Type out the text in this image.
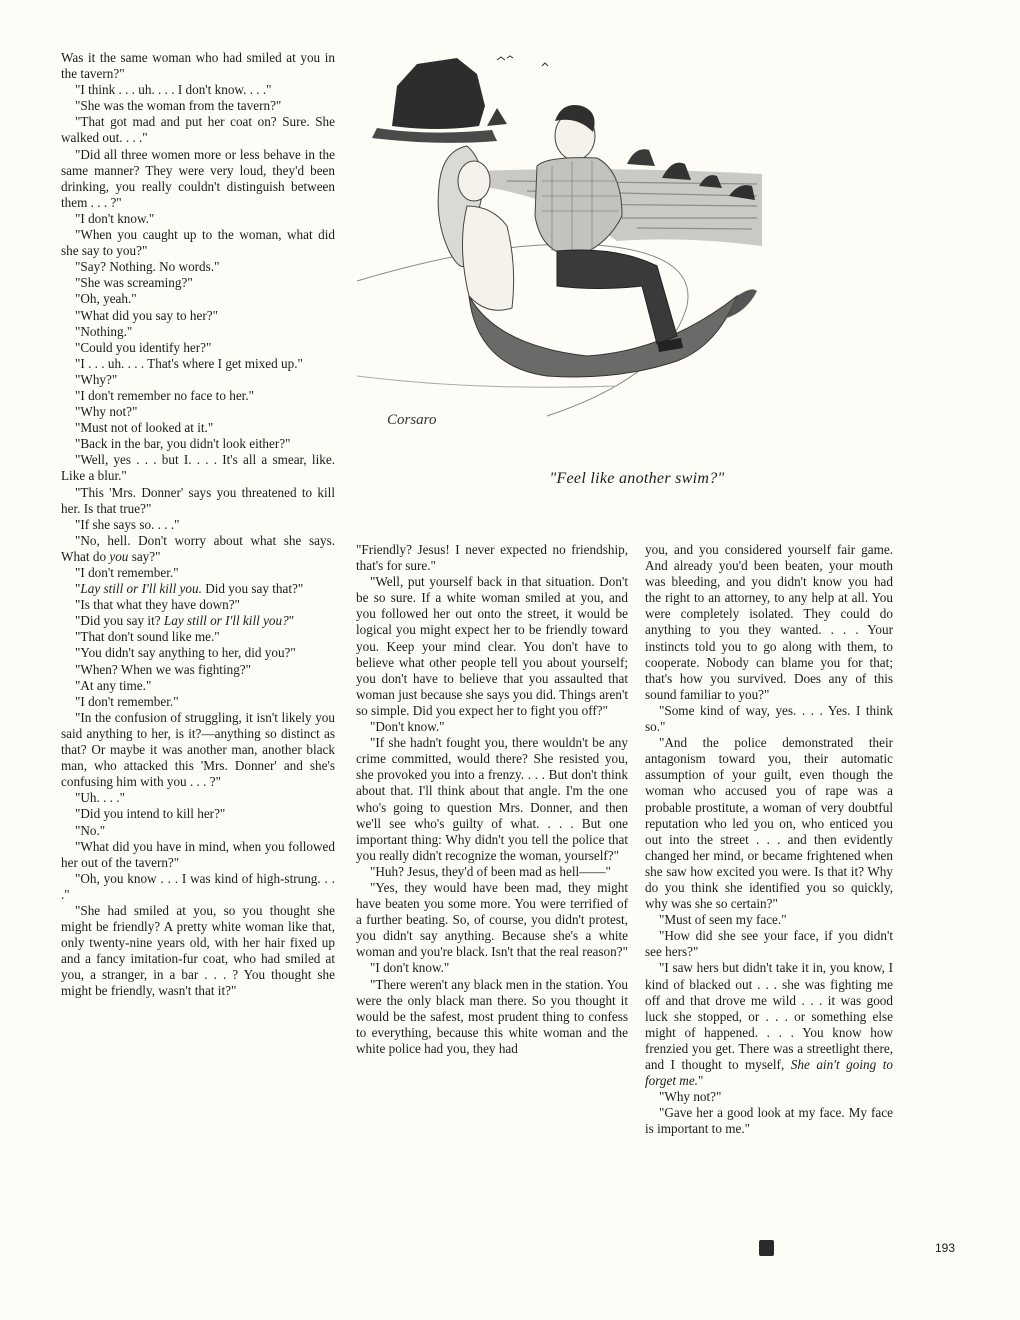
Was it the same woman who had smiled at you in the tavern?"

"I think . . . uh. . . . I don't know. . . ."

"She was the woman from the tavern?"

"That got mad and put her coat on? Sure. She walked out. . . ."

"Did all three women more or less behave in the same manner? They were very loud, they'd been drinking, you really couldn't distinguish between them . . . ?"

"I don't know."

"When you caught up to the woman, what did she say to you?"

"Say? Nothing. No words."

"She was screaming?"

"Oh, yeah."

"What did you say to her?"

"Nothing."

"Could you identify her?"

"I . . . uh. . . . That's where I get mixed up."

"Why?"

"I don't remember no face to her."

"Why not?"

"Must not of looked at it."

"Back in the bar, you didn't look either?"

"Well, yes . . . but I. . . . It's all a smear, like. Like a blur."

"This 'Mrs. Donner' says you threatened to kill her. Is that true?"

"If she says so. . . ."

"No, hell. Don't worry about what she says. What do you say?"

"I don't remember."

"Lay still or I'll kill you. Did you say that?"

"Is that what they have down?"

"Did you say it? Lay still or I'll kill you?"

"That don't sound like me."

"You didn't say anything to her, did you?"

"When? When we was fighting?"

"At any time."

"I don't remember."

"In the confusion of struggling, it isn't likely you said anything to her, is it?—anything so distinct as that? Or maybe it was another man, another black man, who attacked this 'Mrs. Donner' and she's confusing him with you . . . ?"

"Uh. . . ."

"Did you intend to kill her?"

"No."

"What did you have in mind, when you followed her out of the tavern?"

"Oh, you know . . . I was kind of high-strung. . . ."

"She had smiled at you, so you thought she might be friendly? A pretty white woman like that, only twenty-nine years old, with her hair fixed up and a fancy imitation-fur coat, who had smiled at you, a stranger, in a bar . . . ? You thought she might be friendly, wasn't that it?"

"Friendly? Jesus! I never expected no friendship, that's for sure."

"Well, put yourself back in that situation. Don't be so sure. If a white woman smiled at you, and you followed her out onto the street, it would be logical you might expect her to be friendly toward you. Keep your mind clear. You don't have to believe what other people tell you about yourself; you don't have to believe that you assaulted that woman just because she says you did. Things aren't so simple. Did you expect her to fight you off?"

"Don't know."

"If she hadn't fought you, there wouldn't be any crime committed, would there? She resisted you, she provoked you into a frenzy. . . . But don't think about that. I'll think about that angle. I'm the one who's going to question Mrs. Donner, and then we'll see who's guilty of what. . . . But one important thing: Why didn't you tell the police that you really didn't recognize the woman, yourself?"

"Huh? Jesus, they'd of been mad as hell——"

"Yes, they would have been mad, they might have beaten you some more. You were terrified of a further beating. So, of course, you didn't protest, you didn't say anything. Because she's a white woman and you're black. Isn't that the real reason?"

"I don't know."

"There weren't any black men in the station. You were the only black man there. So you thought it would be the safest, most prudent thing to confess to everything, because this white woman and the white police had you, they had

you, and you considered yourself fair game. And already you'd been beaten, your mouth was bleeding, and you didn't know you had the right to an attorney, to any help at all. You were completely isolated. They could do anything to you they wanted. . . . Your instincts told you to go along with them, to cooperate. Nobody can blame you for that; that's how you survived. Does any of this sound familiar to you?"

"Some kind of way, yes. . . . Yes. I think so."

"And the police demonstrated their antagonism toward you, their automatic assumption of your guilt, even though the woman who accused you of rape was a probable prostitute, a woman of very doubtful reputation who led you on, who enticed you out into the street . . . and then evidently changed her mind, or became frightened when she saw how excited you were. Is that it? Why do you think she identified you so quickly, why was she so certain?"

"Must of seen my face."

"How did she see your face, if you didn't see hers?"

"I saw hers but didn't take it in, you know, I kind of blacked out . . . she was fighting me off and that drove me wild . . . it was good luck she stopped, or . . . or something else might of happened. . . . You know how frenzied you get. There was a streetlight there, and I thought to myself, She ain't going to forget me."

"Why not?"

"Gave her a good look at my face. My face is important to me."

Corsaro
"Feel like another swim?"
193
